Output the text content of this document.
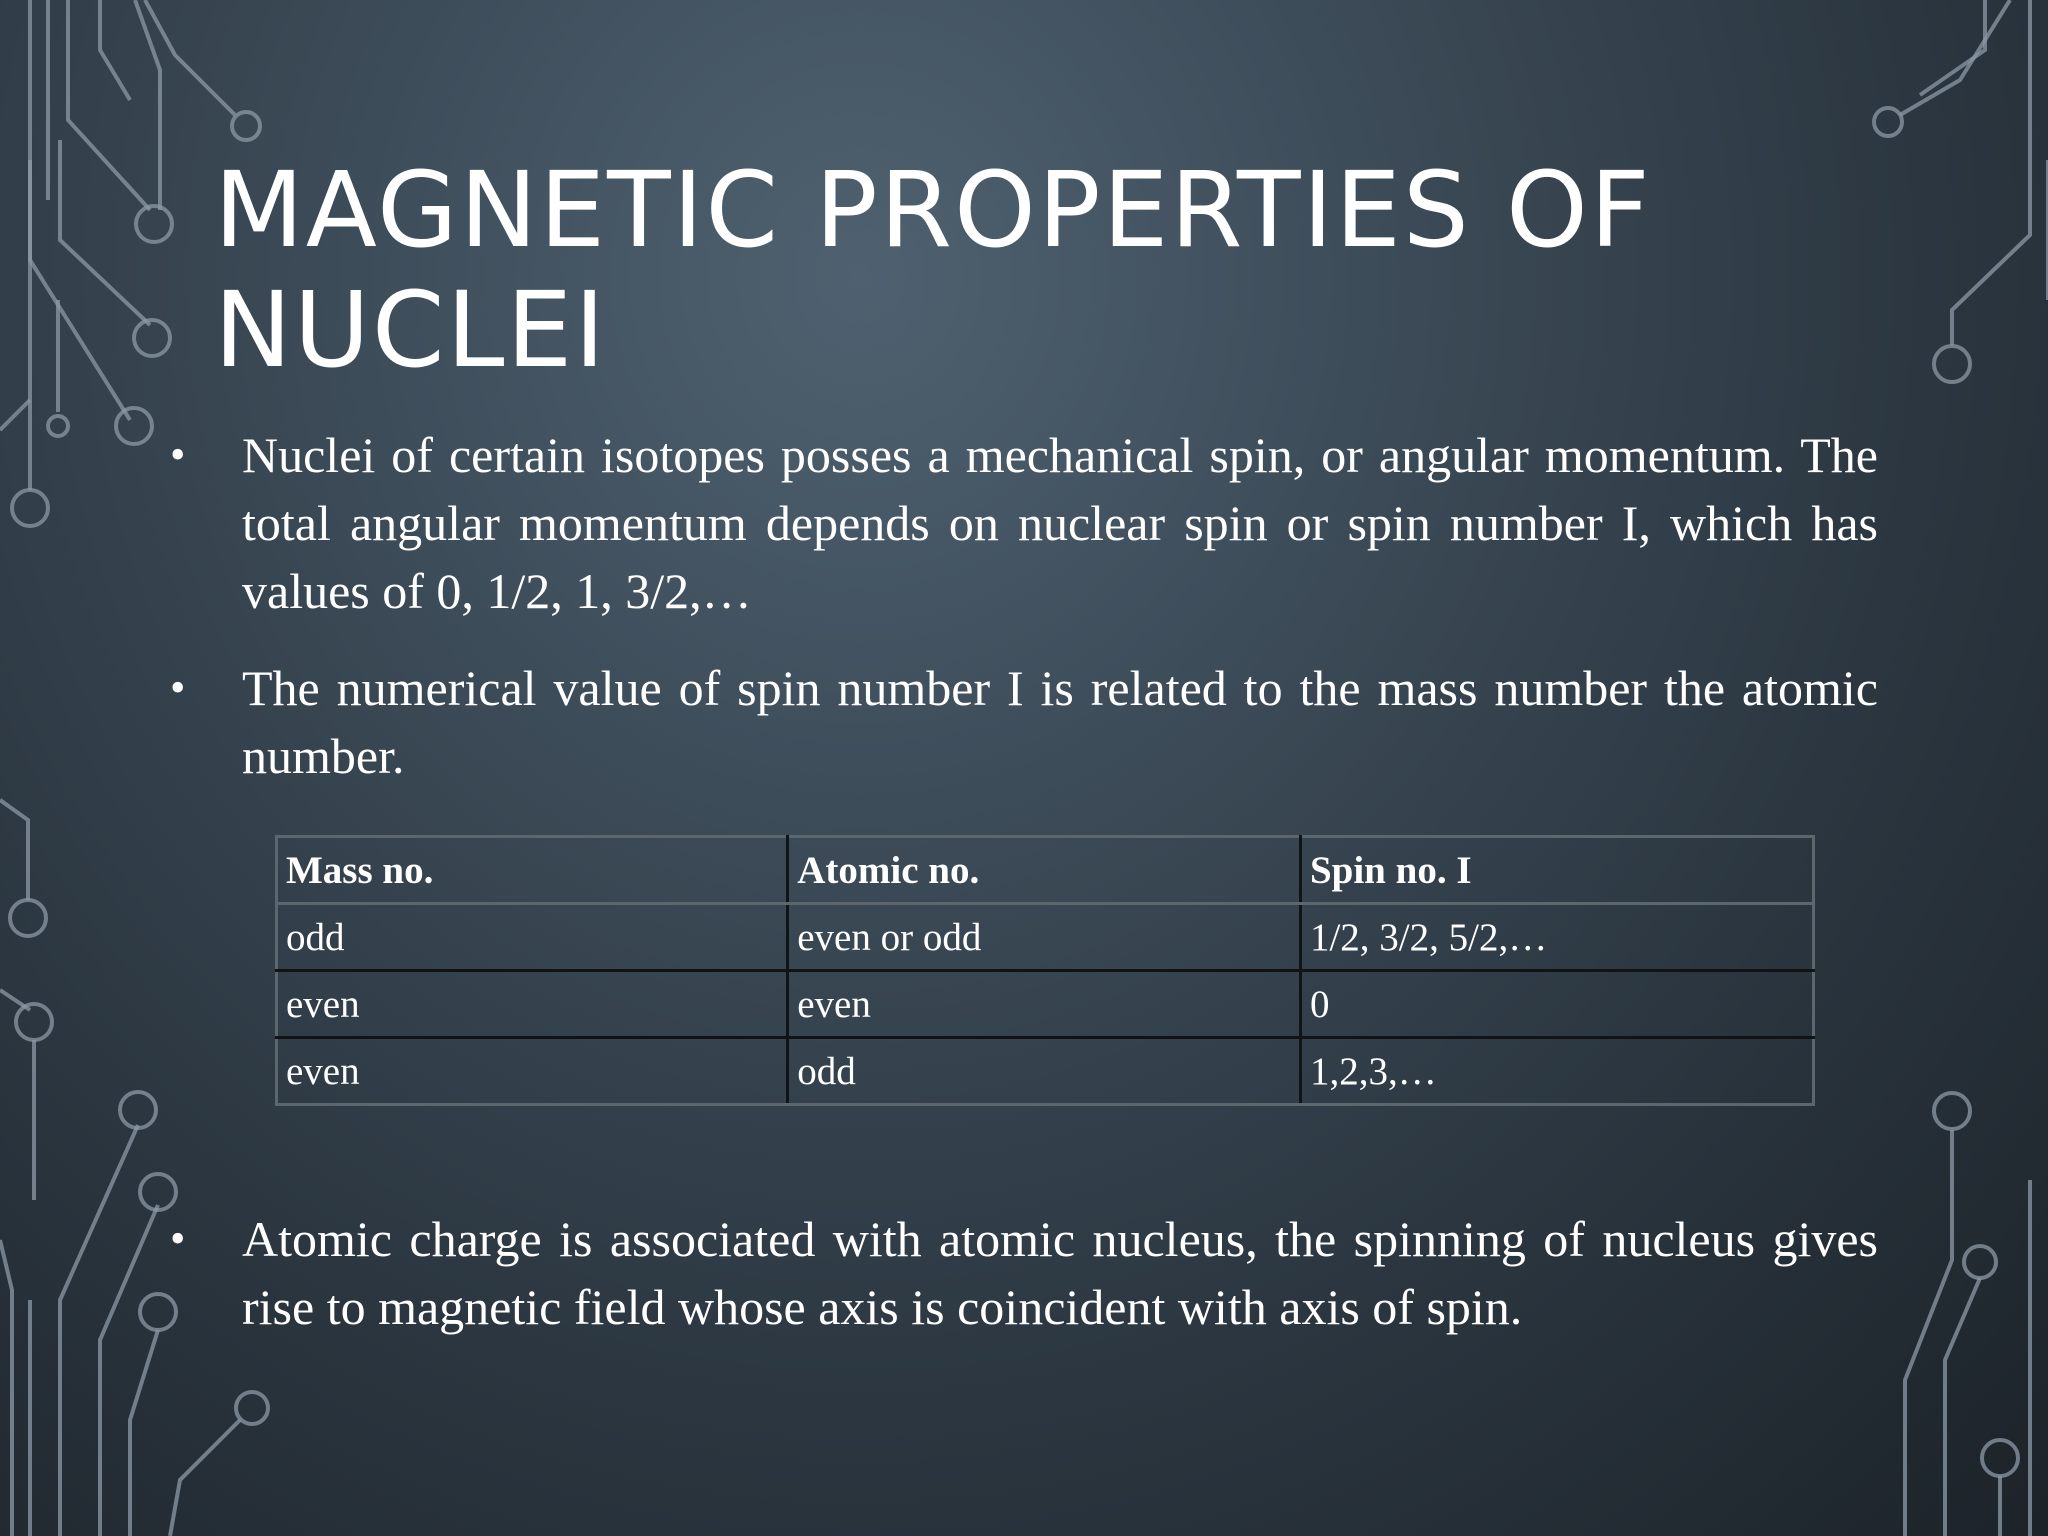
MAGNETIC PROPERTIES OF NUCLEI
• Nuclei of certain isotopes posses a mechanical spin, or angular momentum. The total angular momentum depends on nuclear spin or spin number I, which has values of 0, 1/2, 1, 3/2,…
• The numerical value of spin number I is related to the mass number the atomic number.
• Atomic charge is associated with atomic nucleus, the spinning of nucleus gives rise to magnetic field whose axis is coincident with axis of spin.
Mass no.	Atomic no.	Spin no. I
odd	even or odd	1/2, 3/2, 5/2,…
even	even	0
even	odd	1,2,3,…
